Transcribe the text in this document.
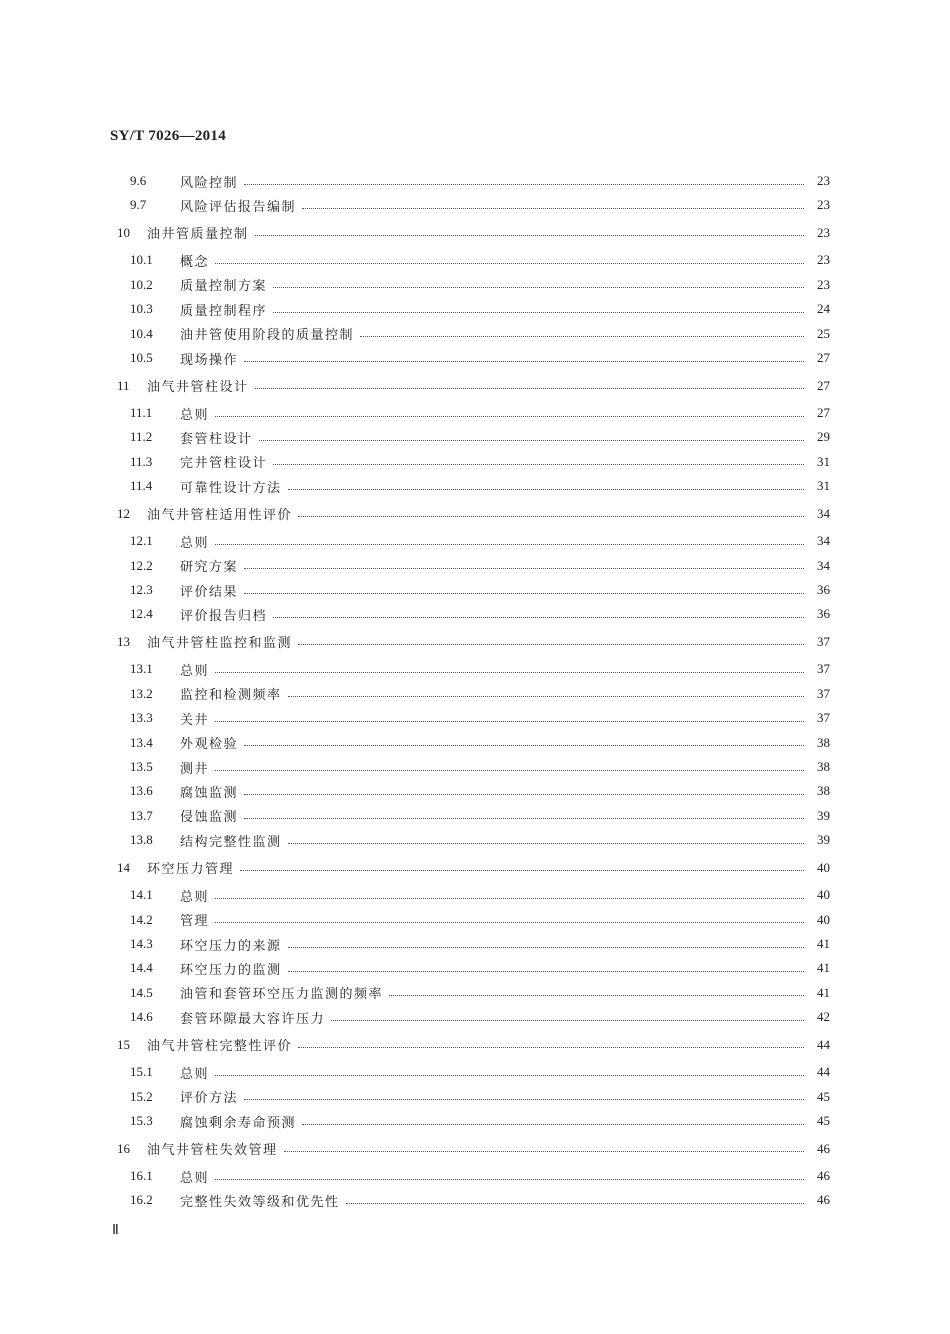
SY/T 7026—2014
9.6	风险控制	23
9.7	风险评估报告编制	23
10	油井管质量控制	23
10.1	概念	23
10.2	质量控制方案	23
10.3	质量控制程序	24
10.4	油井管使用阶段的质量控制	25
10.5	现场操作	27
11	油气井管柱设计	27
11.1	总则	27
11.2	套管柱设计	29
11.3	完井管柱设计	31
11.4	可靠性设计方法	31
12	油气井管柱适用性评价	34
12.1	总则	34
12.2	研究方案	34
12.3	评价结果	36
12.4	评价报告归档	36
13	油气井管柱监控和监测	37
13.1	总则	37
13.2	监控和检测频率	37
13.3	关井	37
13.4	外观检验	38
13.5	测井	38
13.6	腐蚀监测	38
13.7	侵蚀监测	39
13.8	结构完整性监测	39
14	环空压力管理	40
14.1	总则	40
14.2	管理	40
14.3	环空压力的来源	41
14.4	环空压力的监测	41
14.5	油管和套管环空压力监测的频率	41
14.6	套管环隙最大容许压力	42
15	油气井管柱完整性评价	44
15.1	总则	44
15.2	评价方法	45
15.3	腐蚀剩余寿命预测	45
16	油气井管柱失效管理	46
16.1	总则	46
16.2	完整性失效等级和优先性	46
Ⅱ
